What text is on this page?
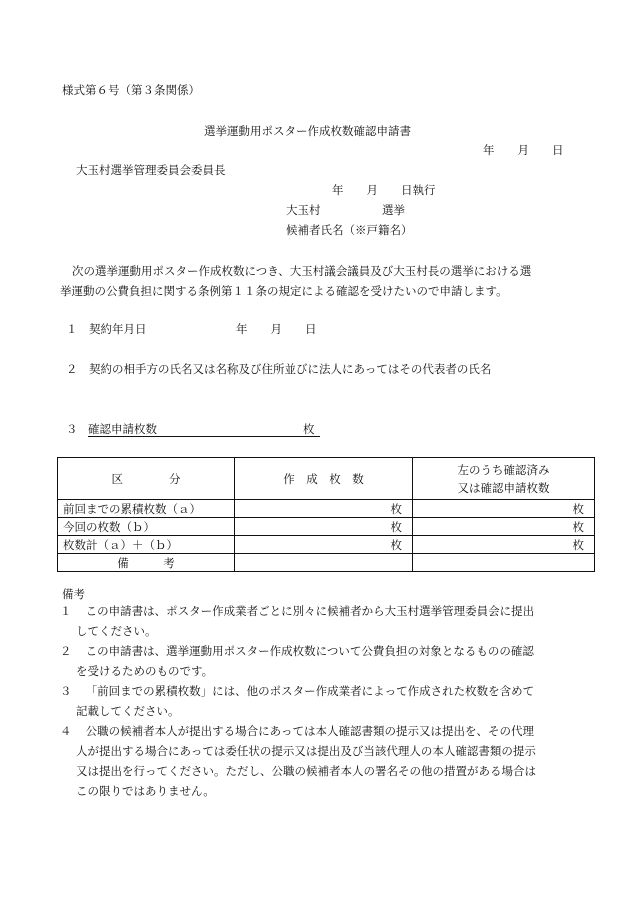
様式第６号（第３条関係）

選挙運動用ポスター作成枚数確認申請書

年　　月　　日

大玉村選挙管理委員会委員長

年　　月　　日執行

大玉村	選挙

候補者氏名（※戸籍名）

次の選挙運動用ポスター作成枚数につき、大玉村議会議員及び大玉村長の選挙における選

挙運動の公費負担に関する条例第１１条の規定による確認を受けたいので申請します。

１　契約年月日	年　　月　　日

２　契約の相手方の氏名又は名称及び住所並びに法人にあってはその代表者の氏名

３ 確認申請枚数	枚

区　　　　分	作　成　枚　数	左のうち確認済み
又は確認申請枚数
前回までの累積枚数（ａ）	枚	枚
今回の枚数（ｂ）	枚	枚
枚数計（ａ）＋（ｂ）	枚	枚
備　　　考		

備考

１ この申請書は、ポスター作成業者ごとに別々に候補者から大玉村選挙管理委員会に提出
してください。
２ この申請書は、選挙運動用ポスター作成枚数について公費負担の対象となるものの確認
を受けるためのものです。
３ 「前回までの累積枚数」には、他のポスター作成業者によって作成された枚数を含めて
記載してください。
４ 公職の候補者本人が提出する場合にあっては本人確認書類の提示又は提出を、その代理
人が提出する場合にあっては委任状の提示又は提出及び当該代理人の本人確認書類の提示
又は提出を行ってください。ただし、公職の候補者本人の署名その他の措置がある場合は
この限りではありません。
